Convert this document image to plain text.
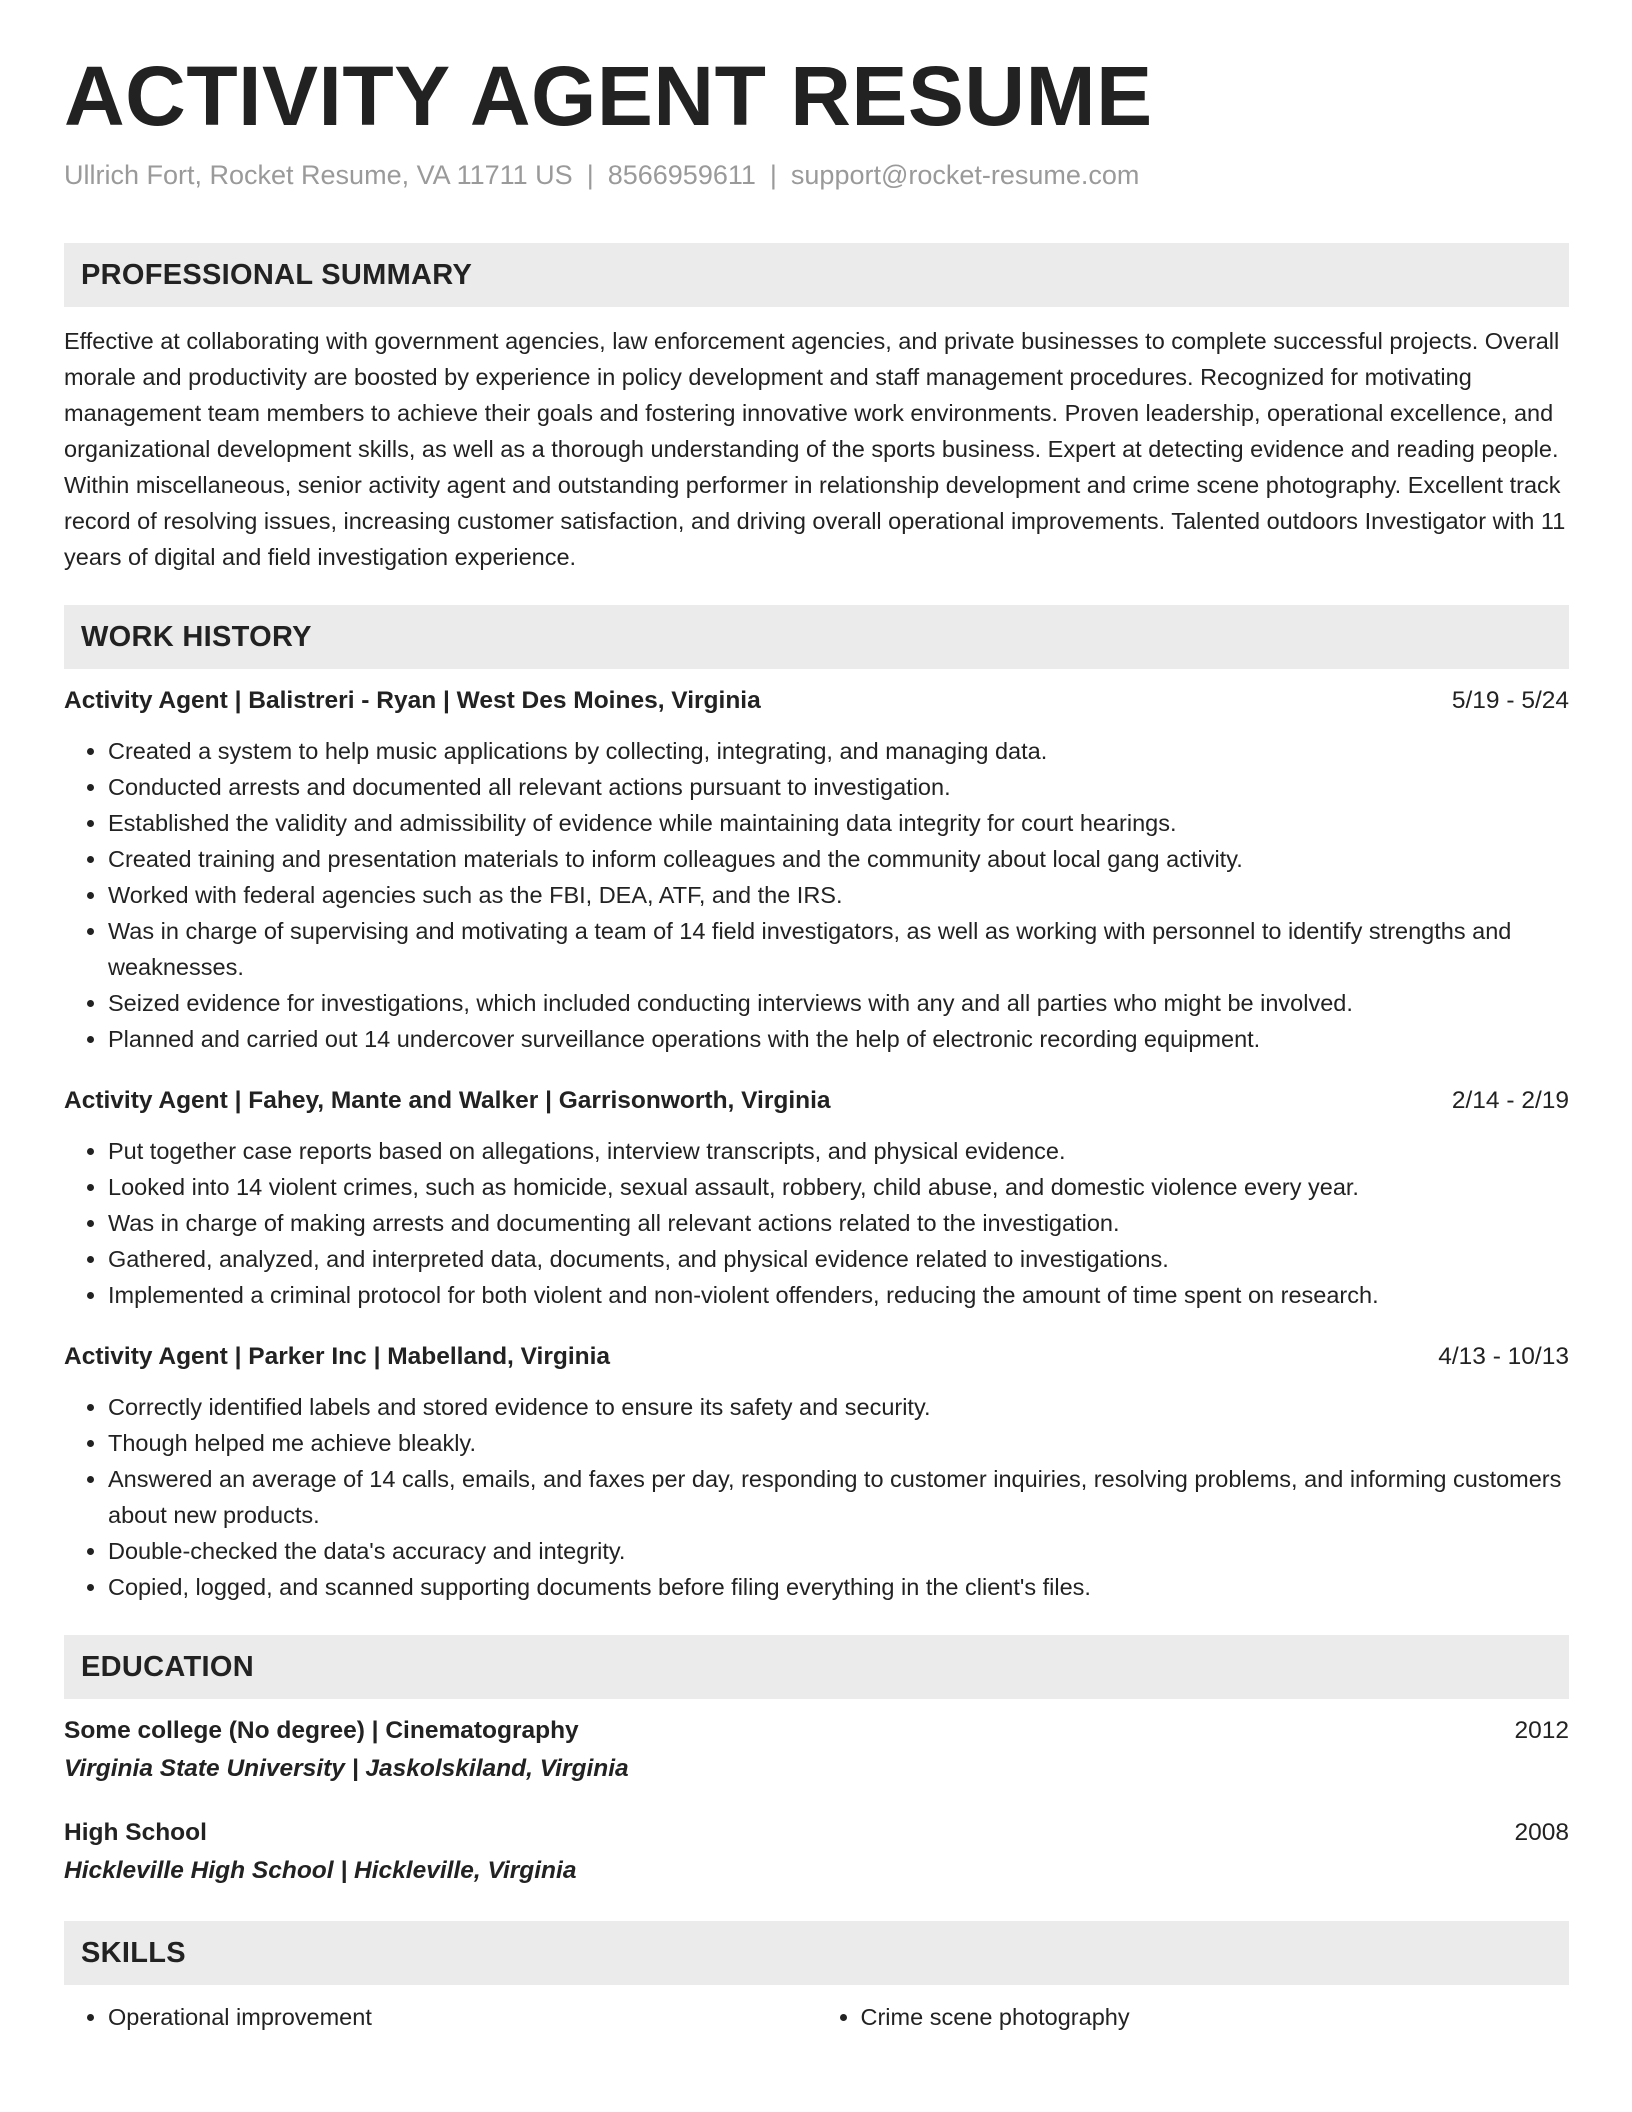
ACTIVITY AGENT RESUME
Ullrich Fort, Rocket Resume, VA 11711 US | 8566959611 | support@rocket-resume.com
PROFESSIONAL SUMMARY
Effective at collaborating with government agencies, law enforcement agencies, and private businesses to complete successful projects. Overall morale and productivity are boosted by experience in policy development and staff management procedures. Recognized for motivating management team members to achieve their goals and fostering innovative work environments. Proven leadership, operational excellence, and organizational development skills, as well as a thorough understanding of the sports business. Expert at detecting evidence and reading people. Within miscellaneous, senior activity agent and outstanding performer in relationship development and crime scene photography. Excellent track record of resolving issues, increasing customer satisfaction, and driving overall operational improvements. Talented outdoors Investigator with 11 years of digital and field investigation experience.
WORK HISTORY
Activity Agent | Balistreri - Ryan | West Des Moines, Virginia	5/19 - 5/24
• Created a system to help music applications by collecting, integrating, and managing data.
• Conducted arrests and documented all relevant actions pursuant to investigation.
• Established the validity and admissibility of evidence while maintaining data integrity for court hearings.
• Created training and presentation materials to inform colleagues and the community about local gang activity.
• Worked with federal agencies such as the FBI, DEA, ATF, and the IRS.
• Was in charge of supervising and motivating a team of 14 field investigators, as well as working with personnel to identify strengths and weaknesses.
• Seized evidence for investigations, which included conducting interviews with any and all parties who might be involved.
• Planned and carried out 14 undercover surveillance operations with the help of electronic recording equipment.
Activity Agent | Fahey, Mante and Walker | Garrisonworth, Virginia	2/14 - 2/19
• Put together case reports based on allegations, interview transcripts, and physical evidence.
• Looked into 14 violent crimes, such as homicide, sexual assault, robbery, child abuse, and domestic violence every year.
• Was in charge of making arrests and documenting all relevant actions related to the investigation.
• Gathered, analyzed, and interpreted data, documents, and physical evidence related to investigations.
• Implemented a criminal protocol for both violent and non-violent offenders, reducing the amount of time spent on research.
Activity Agent | Parker Inc | Mabelland, Virginia	4/13 - 10/13
• Correctly identified labels and stored evidence to ensure its safety and security.
• Though helped me achieve bleakly.
• Answered an average of 14 calls, emails, and faxes per day, responding to customer inquiries, resolving problems, and informing customers about new products.
• Double-checked the data's accuracy and integrity.
• Copied, logged, and scanned supporting documents before filing everything in the client's files.
EDUCATION
Some college (No degree) | Cinematography	2012
Virginia State University | Jaskolskiland, Virginia
High School	2008
Hickleville High School | Hickleville, Virginia
SKILLS
• Operational improvement
•	Crime scene photography
